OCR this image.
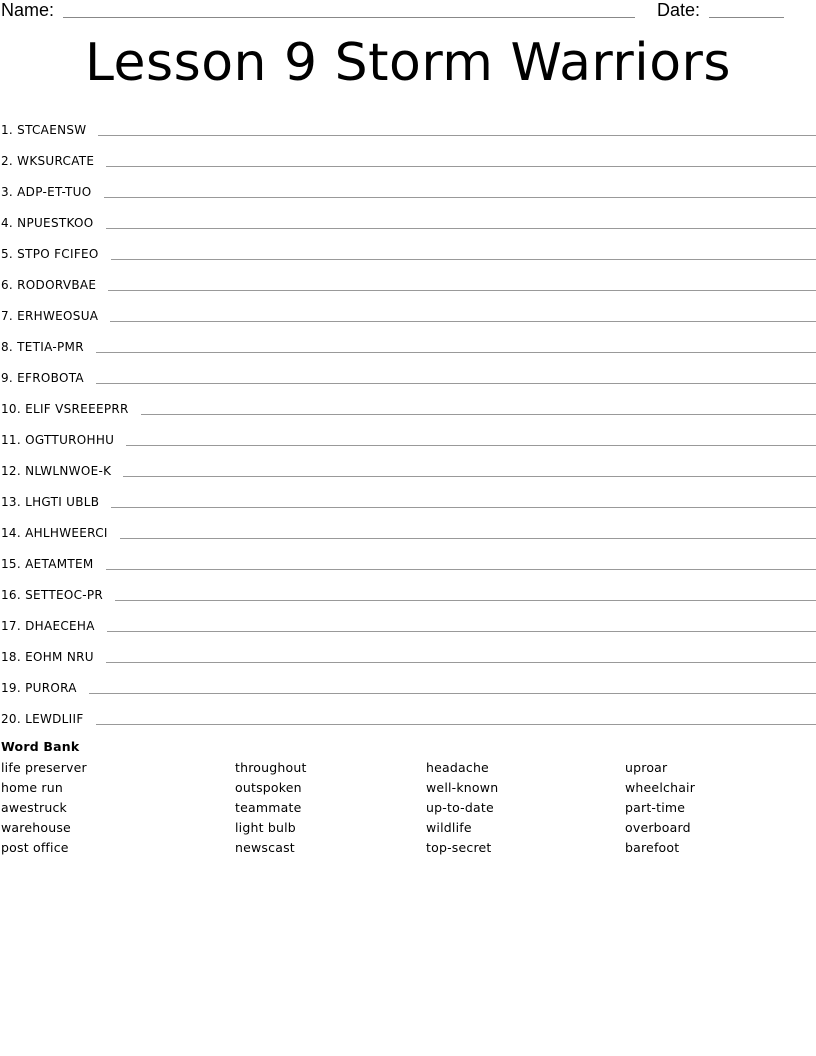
Name:	Date:
Lesson 9 Storm Warriors
1. STCAENSW
2. WKSURCATE
3. ADP-ET-TUO
4. NPUESTKOO
5. STPO FCIFEO
6. RODORVBAE
7. ERHWEOSUA
8. TETIA-PMR
9. EFROBOTA
10. ELIF VSREEEPRR
11. OGTTUROHHU
12. NLWLNWOE-K
13. LHGTI UBLB
14. AHLHWEERCI
15. AETAMTEM
16. SETTEOC-PR
17. DHAECEHA
18. EOHM NRU
19. PURORA
20. LEWDLIIF
Word Bank
life preserver
home run
awestruck
warehouse
post office
throughout
outspoken
teammate
light bulb
newscast
headache
well-known
up-to-date
wildlife
top-secret
uproar
wheelchair
part-time
overboard
barefoot
